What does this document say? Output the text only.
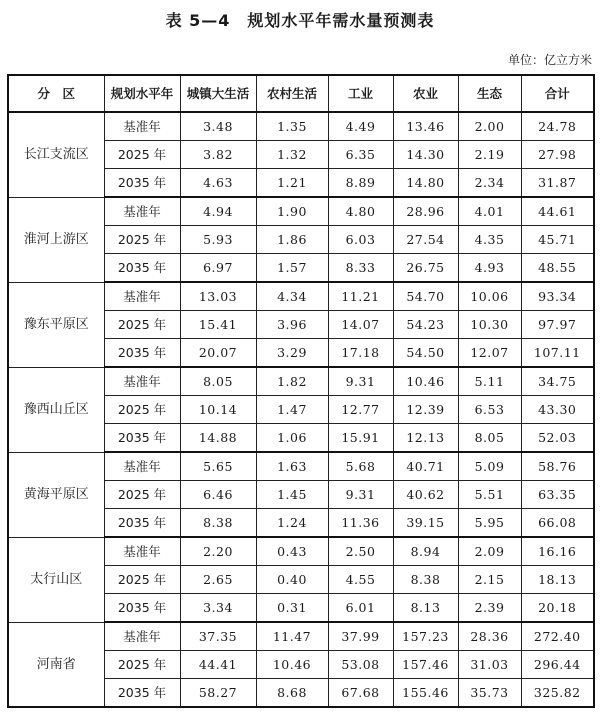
表 5—4　规划水平年需水量预测表
单位：亿立方米
分　区	规划水平年	城镇大生活	农村生活	工业	农业	生态	合计
长江支流区	基准年	3.48	1.35	4.49	13.46	2.00	24.78
	2025 年	3.82	1.32	6.35	14.30	2.19	27.98
	2035 年	4.63	1.21	8.89	14.80	2.34	31.87
淮河上游区	基准年	4.94	1.90	4.80	28.96	4.01	44.61
	2025 年	5.93	1.86	6.03	27.54	4.35	45.71
	2035 年	6.97	1.57	8.33	26.75	4.93	48.55
豫东平原区	基准年	13.03	4.34	11.21	54.70	10.06	93.34
	2025 年	15.41	3.96	14.07	54.23	10.30	97.97
	2035 年	20.07	3.29	17.18	54.50	12.07	107.11
豫西山丘区	基准年	8.05	1.82	9.31	10.46	5.11	34.75
	2025 年	10.14	1.47	12.77	12.39	6.53	43.30
	2035 年	14.88	1.06	15.91	12.13	8.05	52.03
黄海平原区	基准年	5.65	1.63	5.68	40.71	5.09	58.76
	2025 年	6.46	1.45	9.31	40.62	5.51	63.35
	2035 年	8.38	1.24	11.36	39.15	5.95	66.08
太行山区	基准年	2.20	0.43	2.50	8.94	2.09	16.16
	2025 年	2.65	0.40	4.55	8.38	2.15	18.13
	2035 年	3.34	0.31	6.01	8.13	2.39	20.18
河南省	基准年	37.35	11.47	37.99	157.23	28.36	272.40
	2025 年	44.41	10.46	53.08	157.46	31.03	296.44
	2035 年	58.27	8.68	67.68	155.46	35.73	325.82
